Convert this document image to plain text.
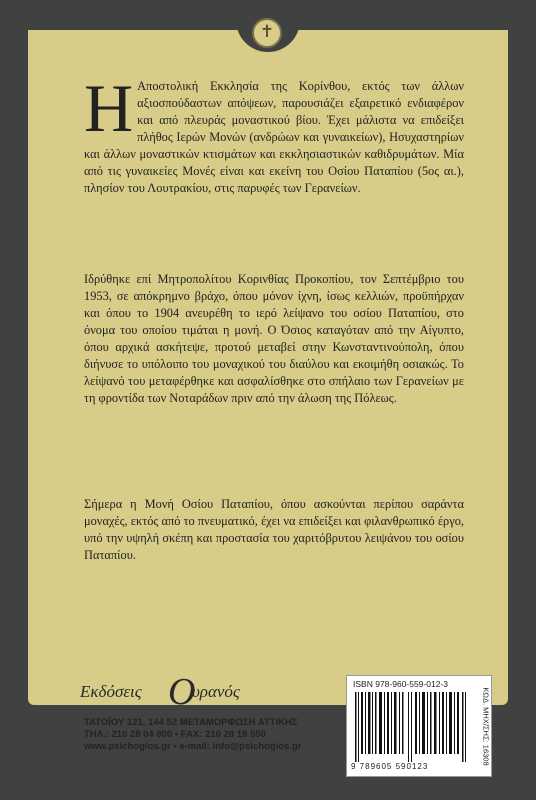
✝
Η Αποστολική Εκκλησία της Κορίνθου, εκτός των άλλων αξιοσπούδαστων απόψεων, παρουσιάζει εξαιρετικό ενδιαφέρον και από πλευράς μοναστικού βίου. Έχει μάλιστα να επιδείξει πλήθος Ιερών Μονών (ανδρώων και γυναικείων), Ησυχαστηρίων και άλλων μοναστικών κτισμάτων και εκκλησιαστικών καθιδρυμάτων. Μία από τις γυναικείες Μονές είναι και εκείνη του Οσίου Παταπίου (5ος αι.), πλησίον του Λουτρακίου, στις παρυφές των Γερανείων.
Ιδρύθηκε επί Μητροπολίτου Κορινθίας Προκοπίου, τον Σεπτέμβριο του 1953, σε απόκρημνο βράχο, όπου μόνον ίχνη, ίσως κελλιών, προϋπήρχαν και όπου το 1904 ανευρέθη το ιερό λείψανο του οσίου Παταπίου, στο όνομα του οποίου τιμάται η μονή. Ο Όσιος καταγόταν από την Αίγυπτο, όπου αρχικά ασκήτεψε, προτού μεταβεί στην Κωνσταντινούπολη, όπου διήνυσε το υπόλοιπο του μοναχικού του διαύλου και εκοιμήθη οσιακώς. Το λείψανό του μεταφέρθηκε και ασφαλίσθηκε στο σπήλαιο των Γερανείων με τη φροντίδα των Νοταράδων πριν από την άλωση της Πόλεως.
Σήμερα η Μονή Οσίου Παταπίου, όπου ασκούνται περίπου σαράντα μοναχές, εκτός από το πνευματικό, έχει να επιδείξει και φιλανθρωπικό έργο, υπό την υψηλή σκέπη και προστασία του χαριτόβρυτου λειψάνου του οσίου Παταπίου.
Εκδόσεις Ο
υρανός
ΤΑΤΟΪΟΥ 121, 144 52 ΜΕΤΑΜΟΡΦΩΣΗ ΑΤΤΙΚΗΣ
ΤΗΛ.: 210 28 04 800 • FAX: 210 28 19 550
www.psichogios.gr • e-mail: info@psichogios.gr
ISBN 978-960-559-012-3
9 789605 590123
ΚΩΔ. ΜΗΧ/ΣΗΣ: 16308
